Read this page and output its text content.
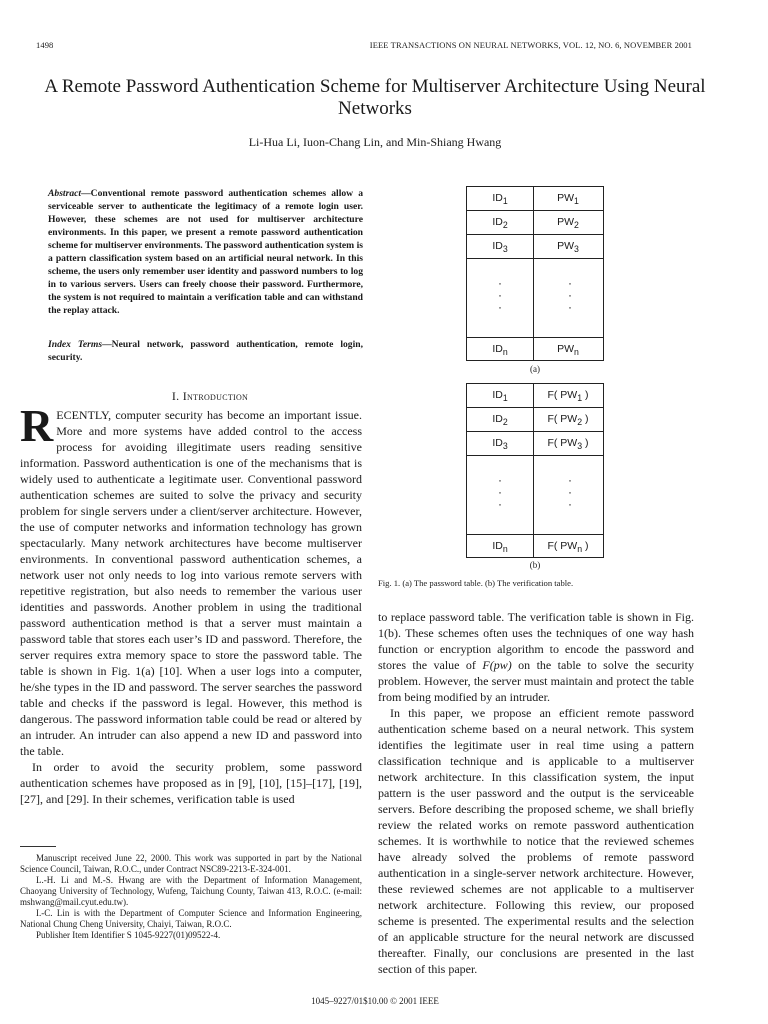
1498	IEEE TRANSACTIONS ON NEURAL NETWORKS, VOL. 12, NO. 6, NOVEMBER 2001
A Remote Password Authentication Scheme for Multiserver Architecture Using Neural Networks
Li-Hua Li, Iuon-Chang Lin, and Min-Shiang Hwang
Abstract—Conventional remote password authentication schemes allow a serviceable server to authenticate the legitimacy of a remote login user. However, these schemes are not used for multiserver architecture environments. In this paper, we present a remote password authentication scheme for multiserver environments. The password authentication system is a pattern classification system based on an artificial neural network. In this scheme, the users only remember user identity and password numbers to log in to various servers. Users can freely choose their password. Furthermore, the system is not required to maintain a verification table and can withstand the replay attack.
Index Terms—Neural network, password authentication, remote login, security.
I. Introduction

RECENTLY, computer security has become an important issue. More and more systems have added control to the access process for avoiding illegitimate users reading sensitive information. Password authentication is one of the mechanisms that is widely used to authenticate a legitimate user. Conventional password authentication schemes are suited to solve the privacy and security problem for single servers under a client/server architecture. However, the use of computer networks and information technology has grown spectacularly. Many network architectures have become multiserver environments. In conventional password authentication schemes, a network user not only needs to log into various remote servers with repetitive registration, but also needs to remember the various user identities and passwords. Another problem in using the traditional password authentication method is that a server must maintain a password table that stores each user’s ID and password. Therefore, the server requires extra memory space to store the password table. The table is shown in Fig. 1(a) [10]. When a user logs into a computer, he/she types in the ID and password. The server searches the password table and checks if the password is legal. However, this method is dangerous. The password information table could be read or altered by an intruder. An intruder can also append a new ID and password into the table.

In order to avoid the security problem, some password authentication schemes have proposed as in [9], [10], [15]–[17], [19], [27], and [29]. In their schemes, verification table is used

Manuscript received June 22, 2000. This work was supported in part by the National Science Council, Taiwan, R.O.C., under Contract NSC89-2213-E-324-001.

L.-H. Li and M.-S. Hwang are with the Department of Information Management, Chaoyang University of Technology, Wufeng, Taichung County, Taiwan 413, R.O.C. (e-mail: mshwang@mail.cyut.edu.tw).

I.-C. Lin is with the Department of Computer Science and Information Engineering, National Chung Cheng University, Chaiyi, Taiwan, R.O.C.

Publisher Item Identifier S 1045-9227(01)09522-4.

$ID_1$	$PW_1$
$ID_2$	$PW_2$
$ID_3$	$PW_3$
·
·
·
·
·
·
$ID_n$	$PW_n$
(a)
$ID_1$	F( $PW_1$ )
$ID_2$	F( $PW_2$ )
$ID_3$	F( $PW_3$ )
·
·
·
·
·
·
$ID_n$	F( $PW_n$ )
(b)
Fig. 1. (a) The password table. (b) The verification table.

to replace password table. The verification table is shown in Fig. 1(b). These schemes often uses the techniques of one way hash function or encryption algorithm to encode the password and stores the value of F(pw) on the table to solve the security problem. However, the server must maintain and protect the table from being modified by an intruder.

In this paper, we propose an efficient remote password authentication scheme based on a neural network. This system identifies the legitimate user in real time using a pattern classification technique and is applicable to a multiserver network architecture. In this classification system, the input pattern is the user password and the output is the serviceable servers. Before describing the proposed scheme, we shall briefly review the related works on remote password authentication schemes. It is worthwhile to notice that the reviewed schemes have already solved the problems of remote password authentication in a single-server network architecture. However, these reviewed schemes are not applicable to a multiserver network architecture. Following this review, our proposed scheme is presented. The experimental results and the selection of an applicable structure for the neural network are discussed thereafter. Finally, our conclusions are presented in the last section of this paper.

1045–9227/01$10.00 © 2001 IEEE
